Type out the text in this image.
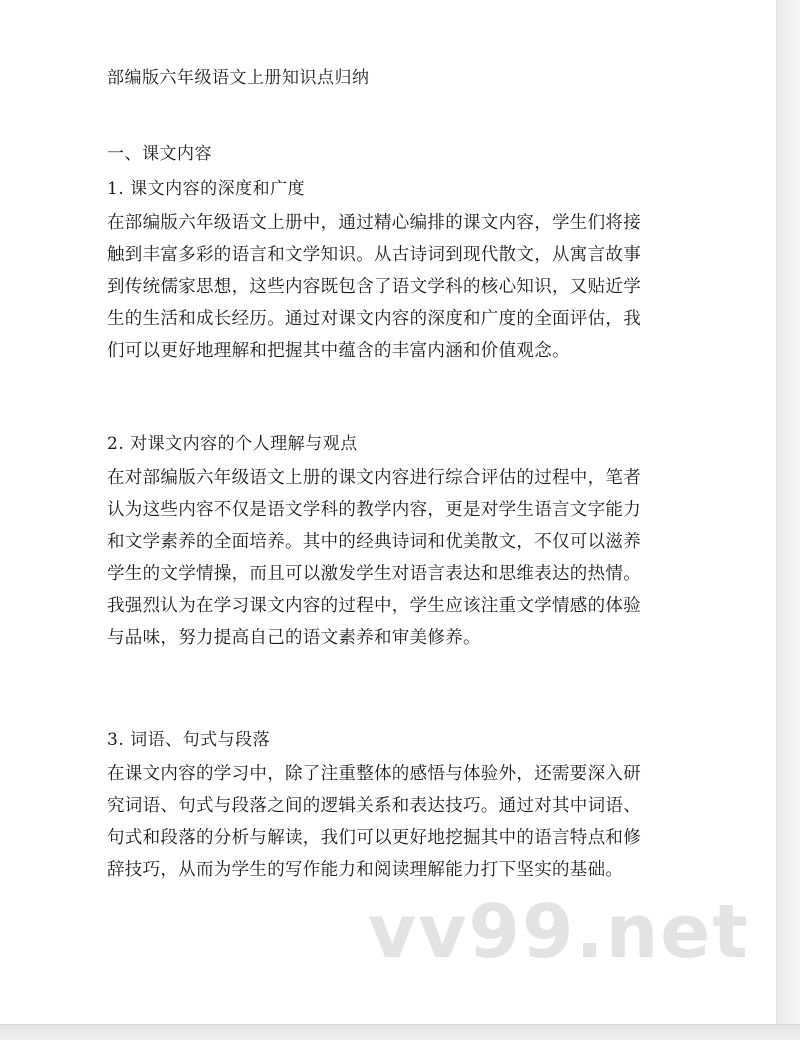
部编版六年级语文上册知识点归纳
一、课文内容
1. 课文内容的深度和广度
在部编版六年级语文上册中，通过精心编排的课文内容，学生们将接
触到丰富多彩的语言和文学知识。从古诗词到现代散文，从寓言故事
到传统儒家思想，这些内容既包含了语文学科的核心知识，又贴近学
生的生活和成长经历。通过对课文内容的深度和广度的全面评估，我
们可以更好地理解和把握其中蕴含的丰富内涵和价值观念。
2. 对课文内容的个人理解与观点
在对部编版六年级语文上册的课文内容进行综合评估的过程中，笔者
认为这些内容不仅是语文学科的教学内容，更是对学生语言文字能力
和文学素养的全面培养。其中的经典诗词和优美散文，不仅可以滋养
学生的文学情操，而且可以激发学生对语言表达和思维表达的热情。
我强烈认为在学习课文内容的过程中，学生应该注重文学情感的体验
与品味，努力提高自己的语文素养和审美修养。
3. 词语、句式与段落
在课文内容的学习中，除了注重整体的感悟与体验外，还需要深入研
究词语、句式与段落之间的逻辑关系和表达技巧。通过对其中词语、
句式和段落的分析与解读，我们可以更好地挖掘其中的语言特点和修
辞技巧，从而为学生的写作能力和阅读理解能力打下坚实的基础。
vv99.net
